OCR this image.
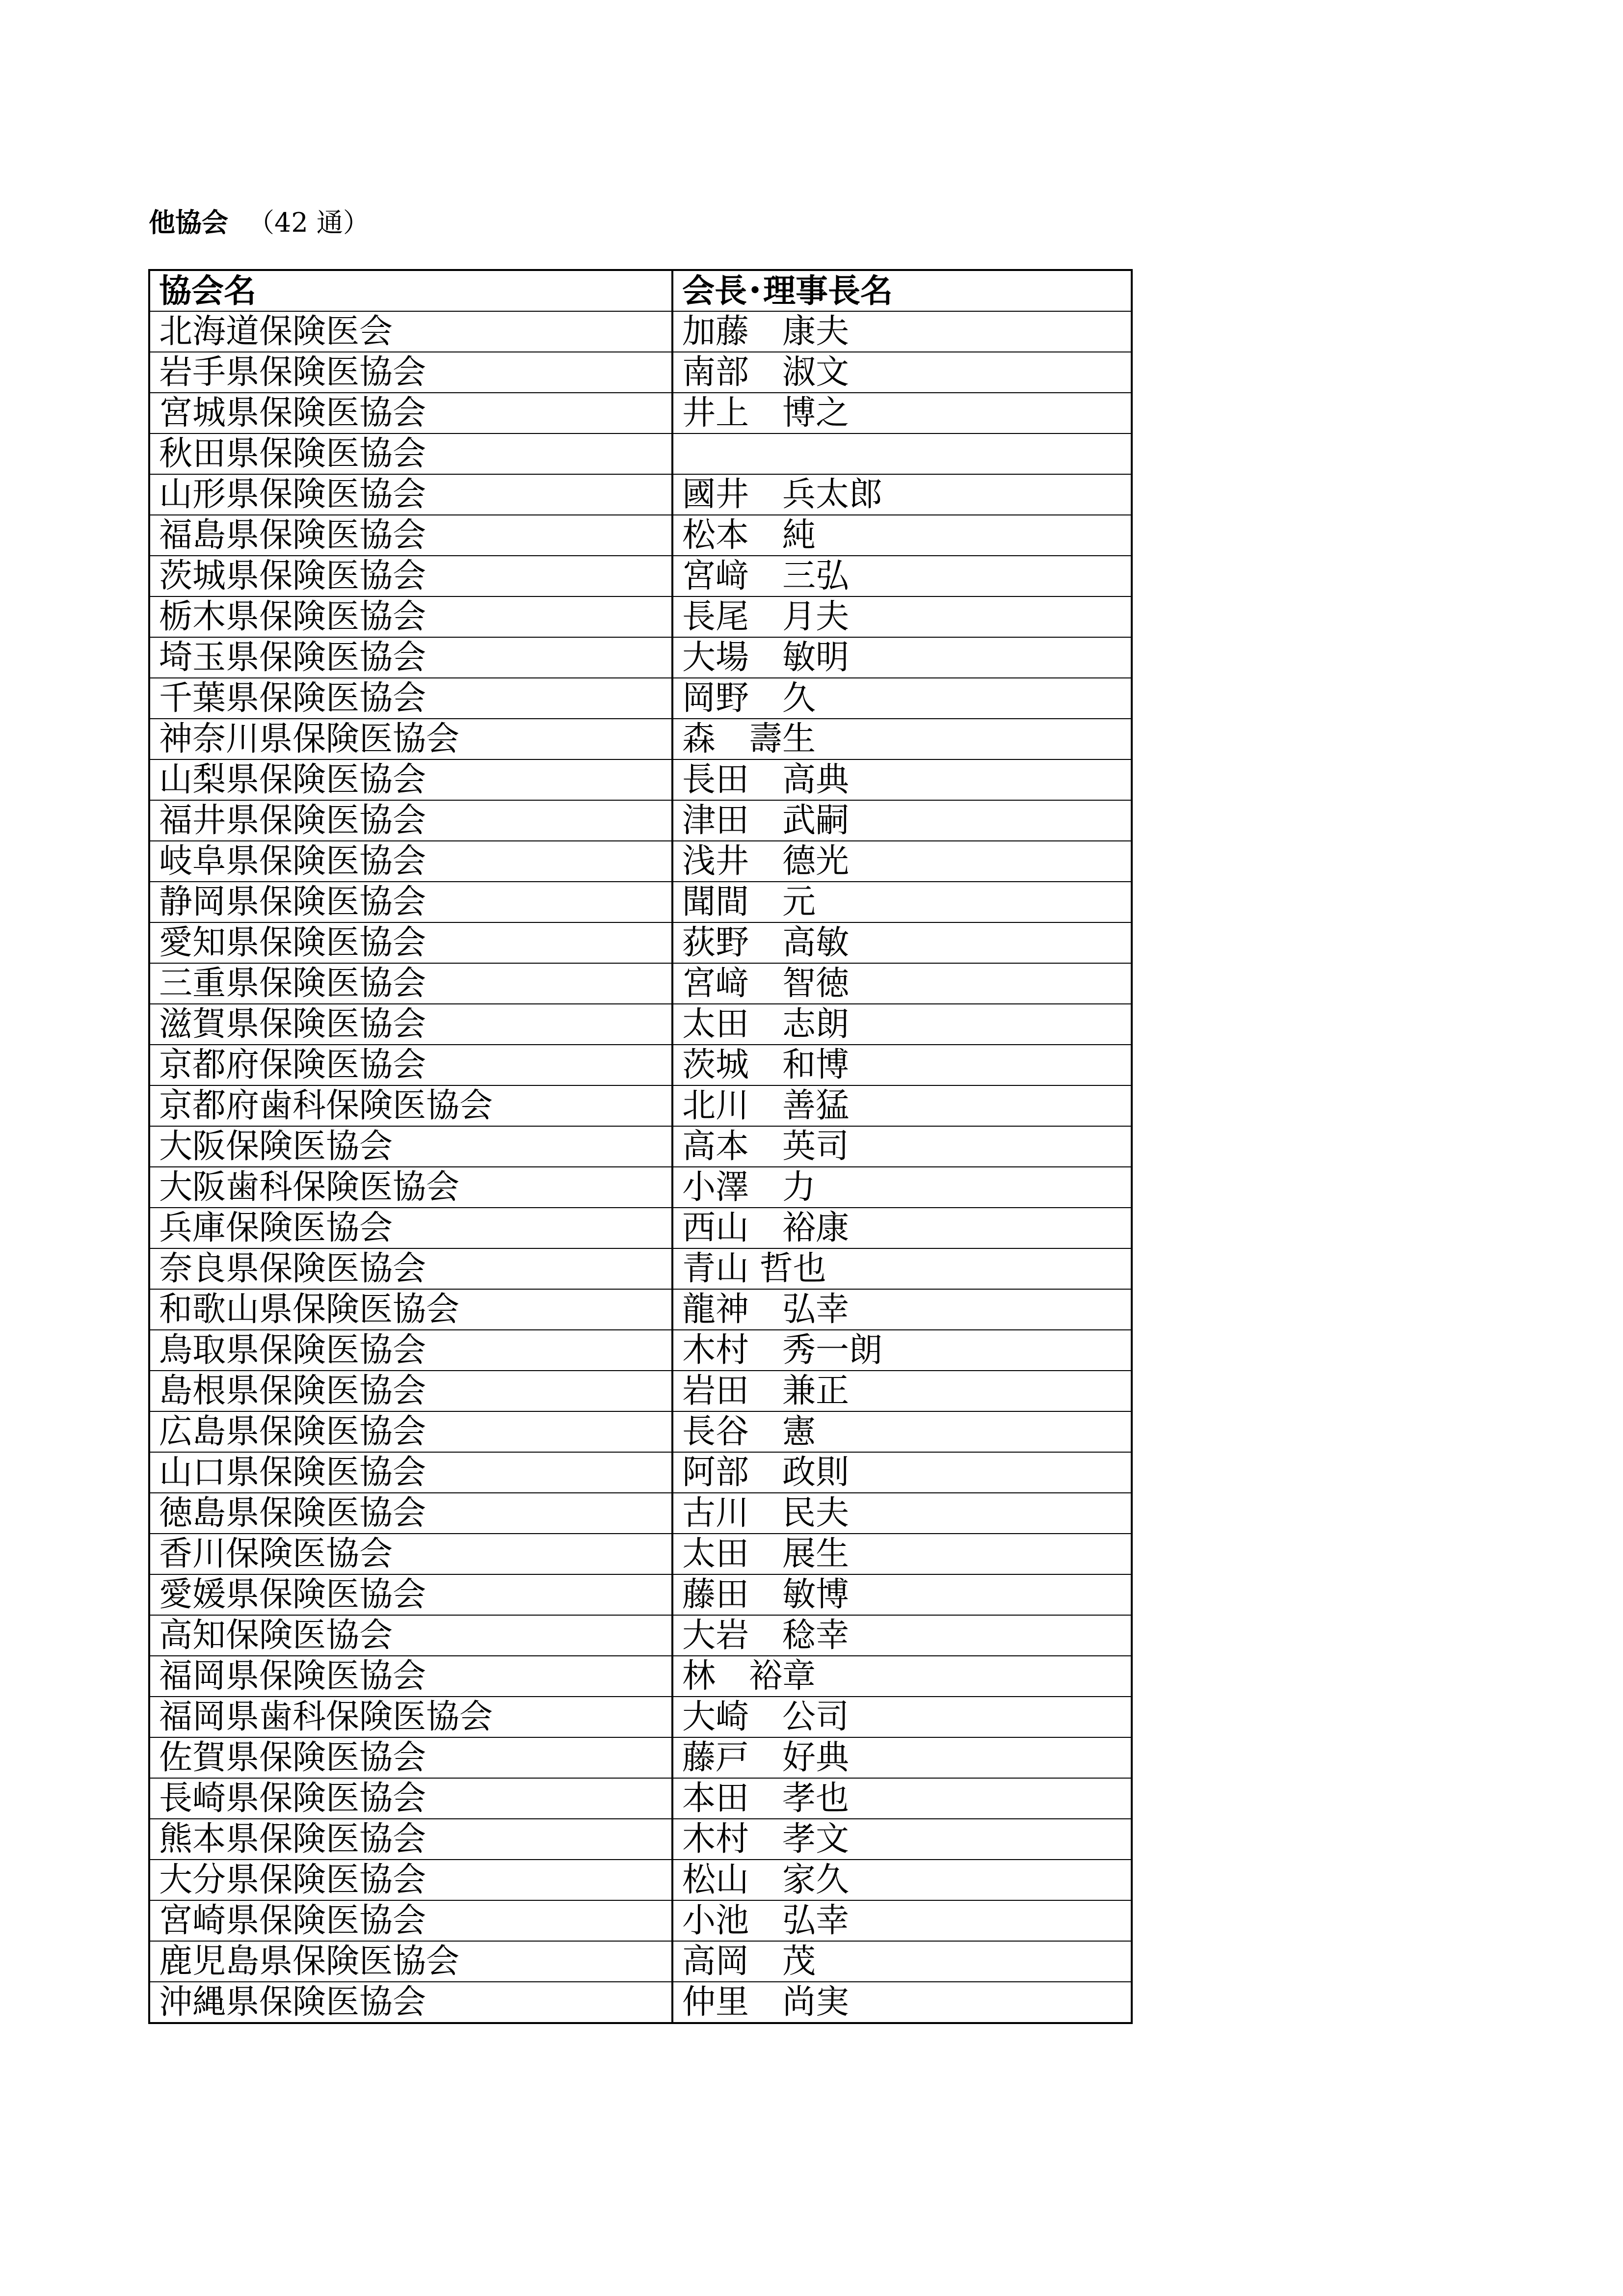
他協会 （42 通）
協会名	会長･理事長名
北海道保険医会	加藤　康夫
岩手県保険医協会	南部　淑文
宮城県保険医協会	井上　博之
秋田県保険医協会	
山形県保険医協会	國井　兵太郎
福島県保険医協会	松本　純
茨城県保険医協会	宮﨑　三弘
栃木県保険医協会	長尾　月夫
埼玉県保険医協会	大場　敏明
千葉県保険医協会	岡野　久
神奈川県保険医協会	森　壽生
山梨県保険医協会	長田　高典
福井県保険医協会	津田　武嗣
岐阜県保険医協会	浅井　德光
静岡県保険医協会	聞間　元
愛知県保険医協会	荻野　高敏
三重県保険医協会	宮﨑　智徳
滋賀県保険医協会	太田　志朗
京都府保険医協会	茨城　和博
京都府歯科保険医協会	北川　善猛
大阪保険医協会	高本　英司
大阪歯科保険医協会	小澤　力
兵庫保険医協会	西山　裕康
奈良県保険医協会	青山 哲也
和歌山県保険医協会	龍神　弘幸
鳥取県保険医協会	木村　秀一朗
島根県保険医協会	岩田　兼正
広島県保険医協会	長谷　憲
山口県保険医協会	阿部　政則
徳島県保険医協会	古川　民夫
香川保険医協会	太田　展生
愛媛県保険医協会	藤田　敏博
高知保険医協会	大岩　稔幸
福岡県保険医協会	林　裕章
福岡県歯科保険医協会	大崎　公司
佐賀県保険医協会	藤戸　好典
長崎県保険医協会	本田　孝也
熊本県保険医協会	木村　孝文
大分県保険医協会	松山　家久
宮崎県保険医協会	小池　弘幸
鹿児島県保険医協会	高岡　茂
沖縄県保険医協会	仲里　尚実
